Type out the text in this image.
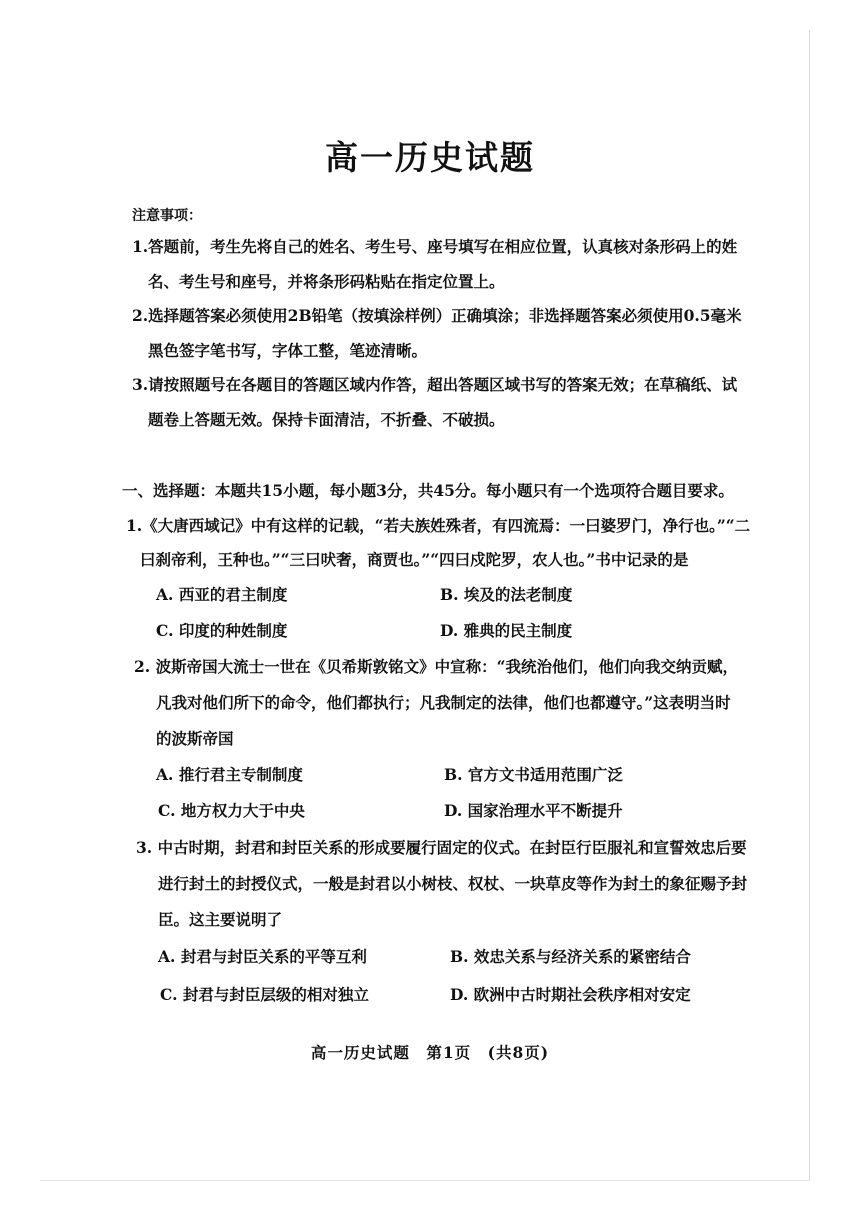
高一历史试题
注意事项：
1.答题前，考生先将自己的姓名、考生号、座号填写在相应位置，认真核对条形码上的姓
名、考生号和座号，并将条形码粘贴在指定位置上。
2.选择题答案必须使用2B铅笔（按填涂样例）正确填涂；非选择题答案必须使用0.5毫米
黑色签字笔书写，字体工整，笔迹清晰。
3.请按照题号在各题目的答题区域内作答，超出答题区域书写的答案无效；在草稿纸、试
题卷上答题无效。保持卡面清洁，不折叠、不破损。
一、选择题：本题共15小题，每小题3分，共45分。每小题只有一个选项符合题目要求。
1.《大唐西域记》中有这样的记载，“若夫族姓殊者，有四流焉：一曰婆罗门，净行也。”“二
曰刹帝利，王种也。”“三曰吠奢，商贾也。”“四曰戍陀罗，农人也。”书中记录的是
A. 西亚的君主制度	B. 埃及的法老制度
C. 印度的种姓制度	D. 雅典的民主制度
2. 波斯帝国大流士一世在《贝希斯敦铭文》中宣称：“我统治他们，他们向我交纳贡赋，
凡我对他们所下的命令，他们都执行；凡我制定的法律，他们也都遵守。”这表明当时
的波斯帝国
A. 推行君主专制制度	B. 官方文书适用范围广泛
C. 地方权力大于中央	D. 国家治理水平不断提升
3. 中古时期，封君和封臣关系的形成要履行固定的仪式。在封臣行臣服礼和宣誓效忠后要
进行封土的封授仪式，一般是封君以小树枝、权杖、一块草皮等作为封土的象征赐予封
臣。这主要说明了
A. 封君与封臣关系的平等互利	B. 效忠关系与经济关系的紧密结合
C. 封君与封臣层级的相对独立	D. 欧洲中古时期社会秩序相对安定
高一历史试题　第1页　(共8页)
